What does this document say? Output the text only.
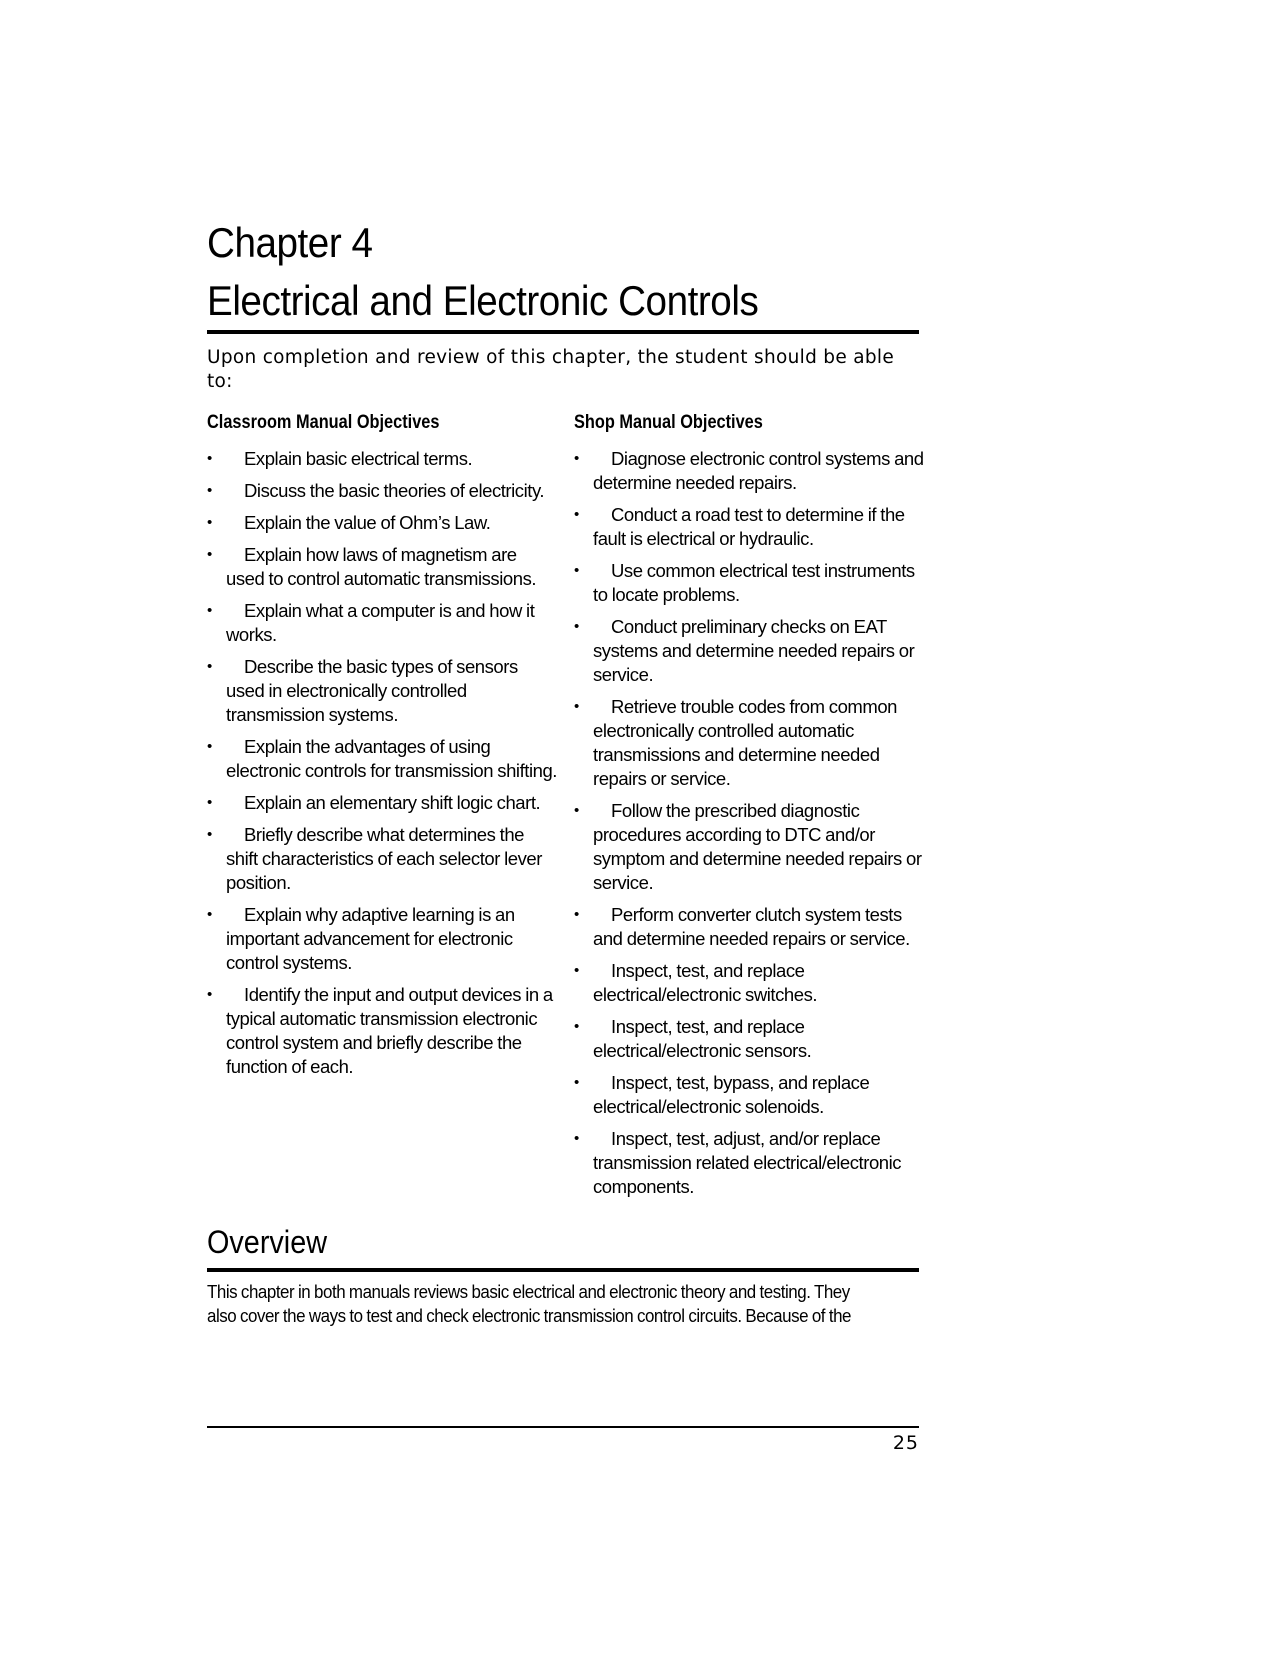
Chapter 4
Electrical and Electronic Controls
Upon completion and review of this chapter, the student should be able to:
Classroom Manual Objectives
•	Explain basic electrical terms.
•	Discuss the basic theories of electricity.
•	Explain the value of Ohm’s Law.
•	Explain how laws of magnetism are used to control automatic transmissions.
•	Explain what a computer is and how it works.
•	Describe the basic types of sensors used in electronically controlled transmission systems.
•	Explain the advantages of using electronic controls for transmission shifting.
•	Explain an elementary shift logic chart.
•	Briefly describe what determines the shift characteristics of each selector lever position.
•	Explain why adaptive learning is an important advancement for electronic control systems.
•	Identify the input and output devices in a typical automatic transmission electronic control system and briefly describe the function of each.
Shop Manual Objectives
•	Diagnose electronic control systems and determine needed repairs.
•	Conduct a road test to determine if the fault is electrical or hydraulic.
•	Use common electrical test instruments to locate problems.
•	Conduct preliminary checks on EAT systems and determine needed repairs or service.
•	Retrieve trouble codes from common electronically controlled automatic transmissions and determine needed repairs or service.
•	Follow the prescribed diagnostic procedures according to DTC and/or symptom and determine needed repairs or service.
•	Perform converter clutch system tests and determine needed repairs or service.
•	Inspect, test, and replace electrical/electronic switches.
•	Inspect, test, and replace electrical/electronic sensors.
•	Inspect, test, bypass, and replace electrical/electronic solenoids.
•	Inspect, test, adjust, and/or replace transmission related electrical/electronic components.
Overview
This chapter in both manuals reviews basic electrical and electronic theory and testing. They
also cover the ways to test and check electronic transmission control circuits. Because of the
25
